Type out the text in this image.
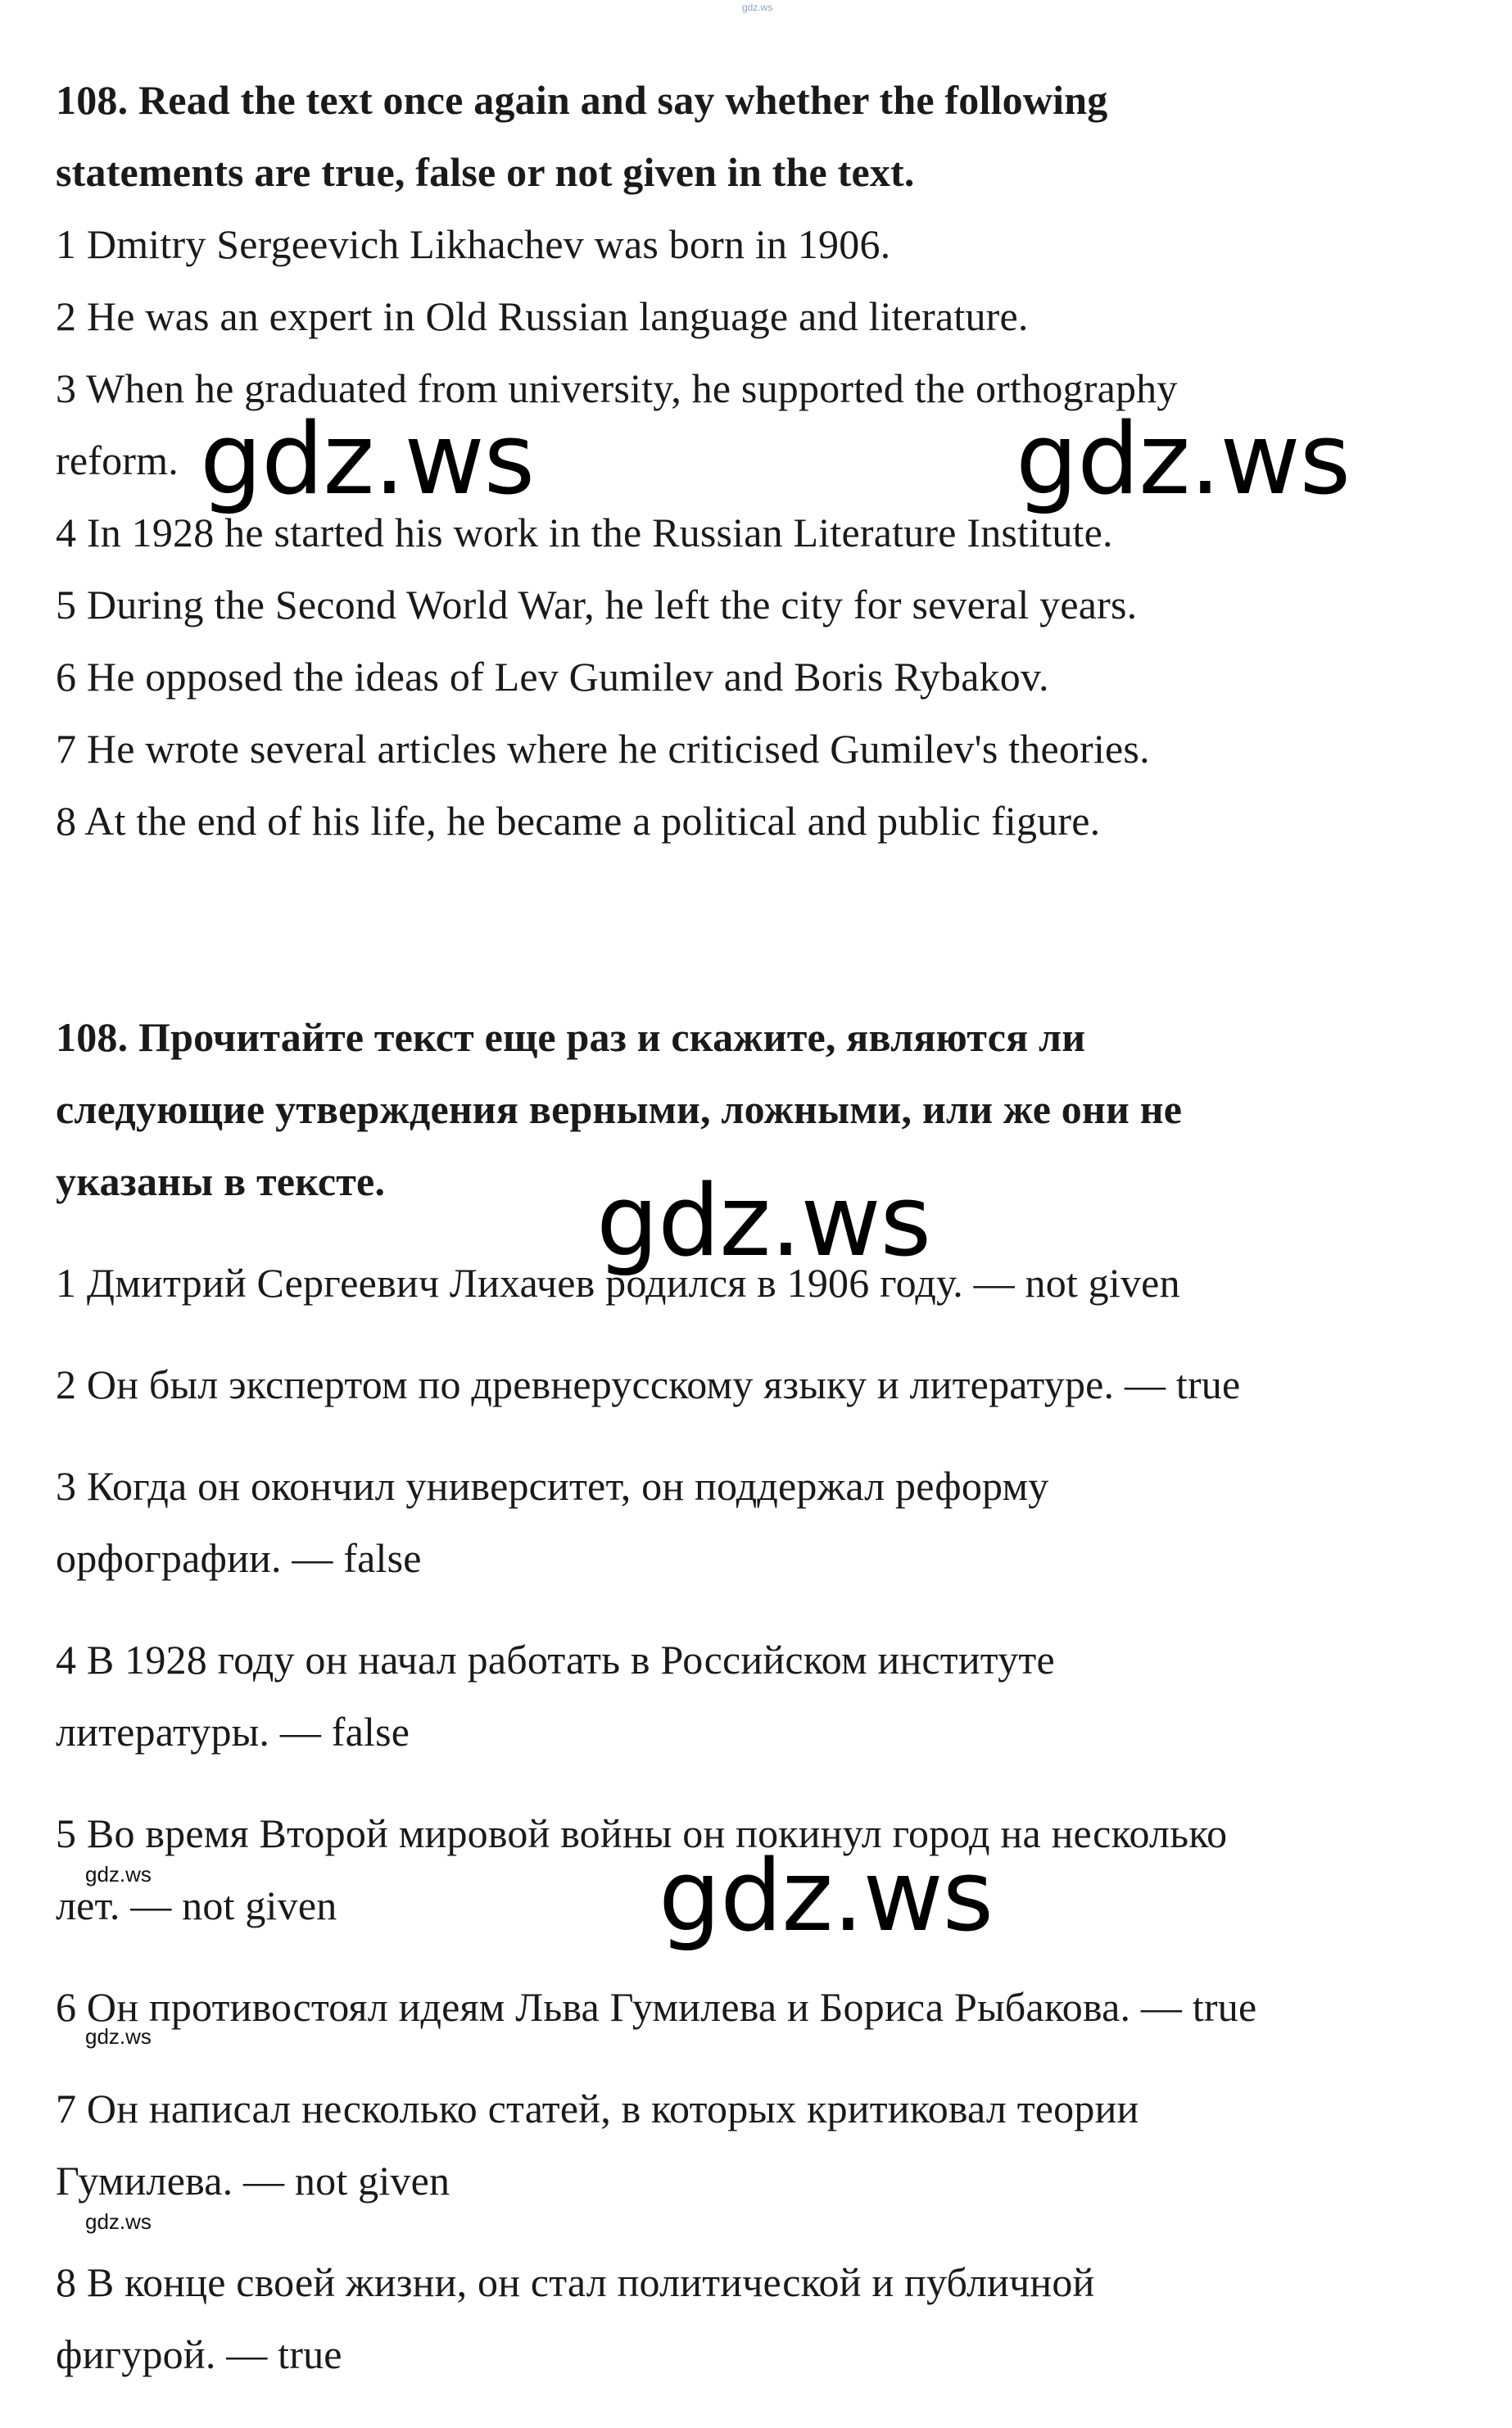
gdz.ws
108. Read the text once again and say whether the following
statements are true, false or not given in the text.
1 Dmitry Sergeevich Likhachev was born in 1906.
2 He was an expert in Old Russian language and literature.
3 When he graduated from university, he supported the orthography
reform.
4 In 1928 he started his work in the Russian Literature Institute.
5 During the Second World War, he left the city for several years.
6 He opposed the ideas of Lev Gumilev and Boris Rybakov.
7 He wrote several articles where he criticised Gumilev's theories.
8 At the end of his life, he became a political and public figure.
108. Прочитайте текст еще раз и скажите, являются ли
следующие утверждения верными, ложными, или же они не
указаны в тексте.
1 Дмитрий Сергеевич Лихачев родился в 1906 году. — not given
2 Он был экспертом по древнерусскому языку и литературе. — true
3 Когда он окончил университет, он поддержал реформу
орфографии. — false
4 В 1928 году он начал работать в Российском институте
литературы. — false
5 Во время Второй мировой войны он покинул город на несколько
лет. — not given
6 Он противостоял идеям Льва Гумилева и Бориса Рыбакова. — true
7 Он написал несколько статей, в которых критиковал теории
Гумилева. — not given
8 В конце своей жизни, он стал политической и публичной
фигурой. — true
gdz.ws	gdz.ws
gdz.ws
gdz.ws
gdz.ws
gdz.ws
gdz.ws
